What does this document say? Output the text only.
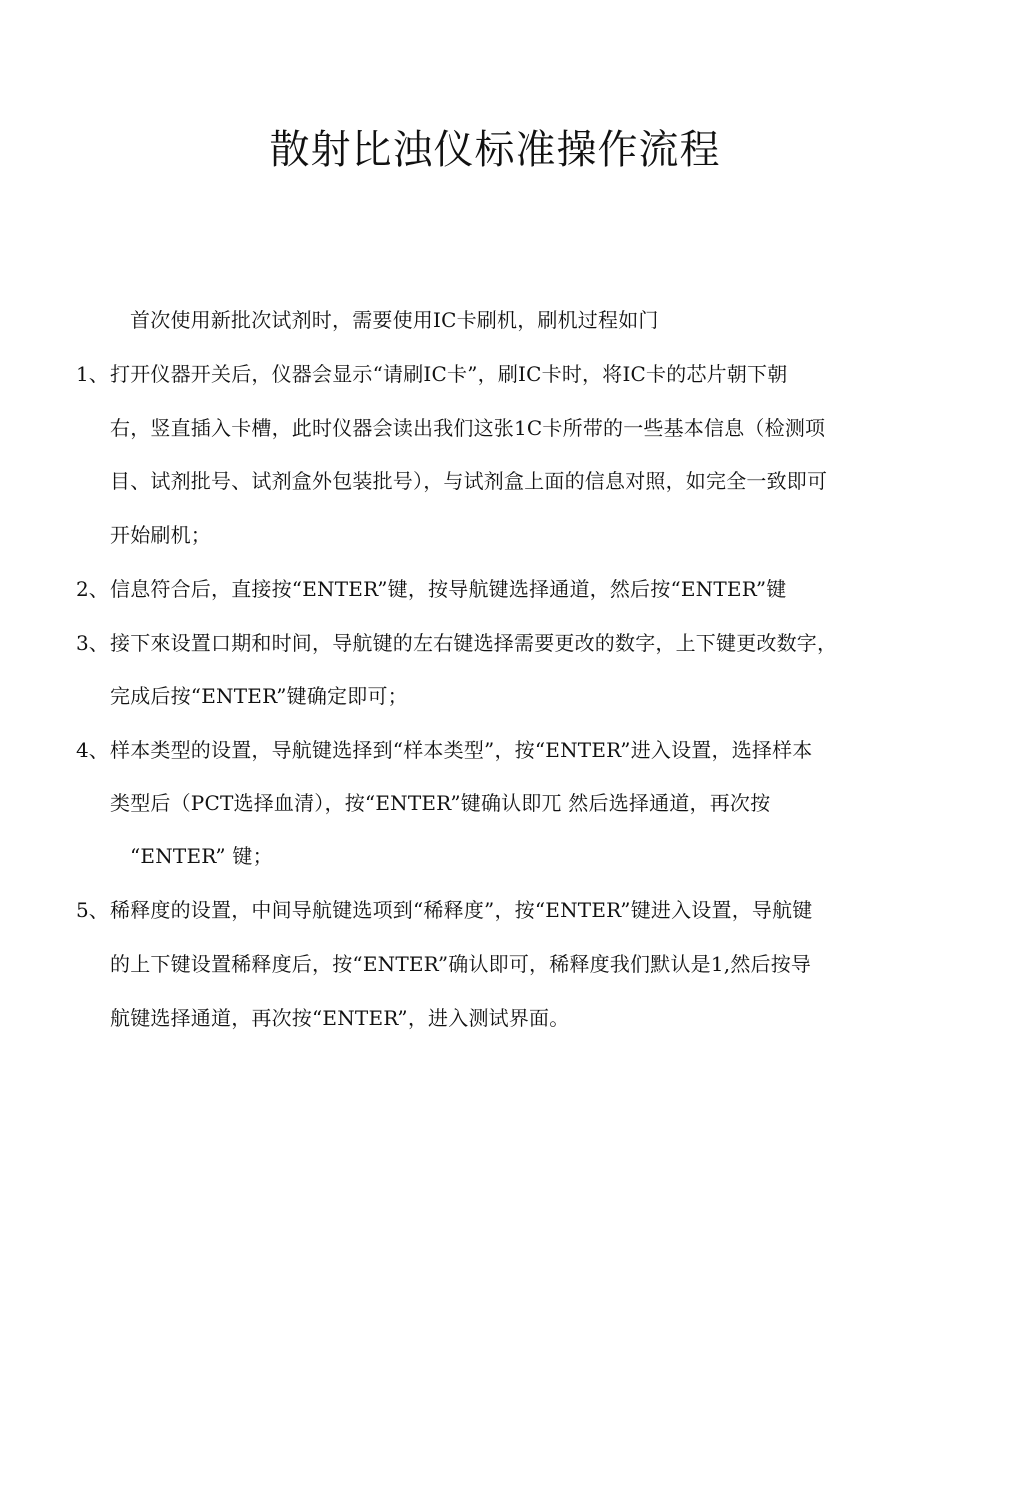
散射比浊仪标准操作流程
首次使用新批次试剂时，需要使用IC卡刷机，刷机过程如门
1、 打开仪器开关后，仪器会显示“请刷IC卡”，刷IC卡时，将IC卡的芯片朝下朝
右，竖直插入卡槽，此时仪器会读出我们这张1C卡所带的一些基本信息（检测项
目、试剂批号、试剂盒外包装批号），与试剂盒上面的信息对照，如完全一致即可
开始刷机；
2、 信息符合后，直接按“ENTER”键，按导航键选择通道，然后按“ENTER”键
3、 接下來设置口期和时间，导航键的左右键选择需要更改的数字，上下键更改数字，
完成后按“ENTER”键确定即可；
4、 样本类型的设置，导航键选择到“样本类型”，按“ENTER”进入设置，选择样本
类型后（PCT选择血清），按“ENTER”键确认即兀 然后选择通道，再次按
“ENTER” 键；
5、 稀释度的设置，中间导航键选项到“稀释度”，按“ENTER”键进入设置，导航键
的上下键设置稀释度后，按“ENTER”确认即可，稀释度我们默认是1,然后按导
航键选择通道，再次按“ENTER”，进入测试界面。
